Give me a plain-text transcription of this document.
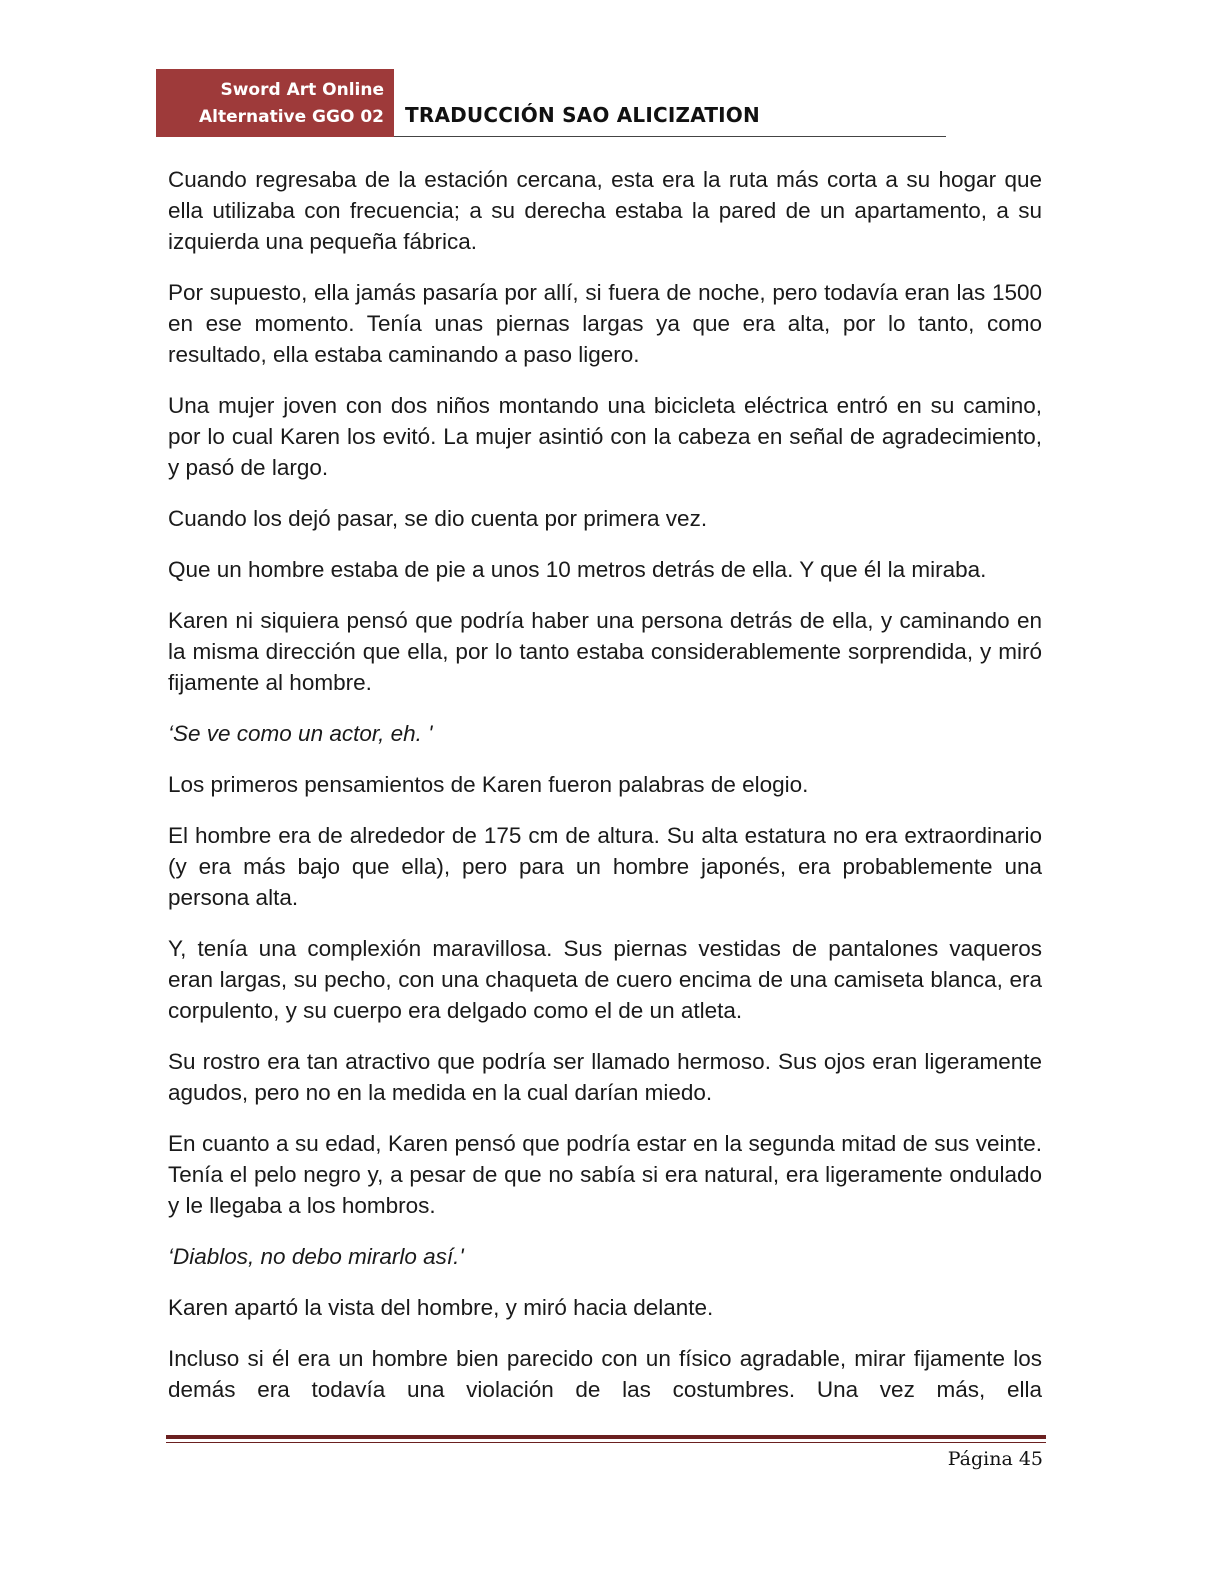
Sword Art Online
Alternative GGO 02 TRADUCCIÓN SAO ALICIZATION

Cuando regresaba de la estación cercana, esta era la ruta más corta a su hogar que ella utilizaba con frecuencia; a su derecha estaba la pared de un apartamento, a su izquierda una pequeña fábrica.

Por supuesto, ella jamás pasaría por allí, si fuera de noche, pero todavía eran las 1500 en ese momento. Tenía unas piernas largas ya que era alta, por lo tanto, como resultado, ella estaba caminando a paso ligero.

Una mujer joven con dos niños montando una bicicleta eléctrica entró en su camino, por lo cual Karen los evitó. La mujer asintió con la cabeza en señal de agradecimiento, y pasó de largo.

Cuando los dejó pasar, se dio cuenta por primera vez.

Que un hombre estaba de pie a unos 10 metros detrás de ella. Y que él la miraba.

Karen ni siquiera pensó que podría haber una persona detrás de ella, y caminando en la misma dirección que ella, por lo tanto estaba considerablemente sorprendida, y miró fijamente al hombre.

‘Se ve como un actor, eh. '

Los primeros pensamientos de Karen fueron palabras de elogio.

El hombre era de alrededor de 175 cm de altura. Su alta estatura no era extraordinario (y era más bajo que ella), pero para un hombre japonés, era probablemente una persona alta.

Y, tenía una complexión maravillosa. Sus piernas vestidas de pantalones vaqueros eran largas, su pecho, con una chaqueta de cuero encima de una camiseta blanca, era corpulento, y su cuerpo era delgado como el de un atleta.

Su rostro era tan atractivo que podría ser llamado hermoso. Sus ojos eran ligeramente agudos, pero no en la medida en la cual darían miedo.

En cuanto a su edad, Karen pensó que podría estar en la segunda mitad de sus veinte. Tenía el pelo negro y, a pesar de que no sabía si era natural, era ligeramente ondulado y le llegaba a los hombros.

‘Diablos, no debo mirarlo así.'

Karen apartó la vista del hombre, y miró hacia delante.

Incluso si él era un hombre bien parecido con un físico agradable, mirar fijamente los demás era todavía una violación de las costumbres. Una vez más, ella

Página 45
